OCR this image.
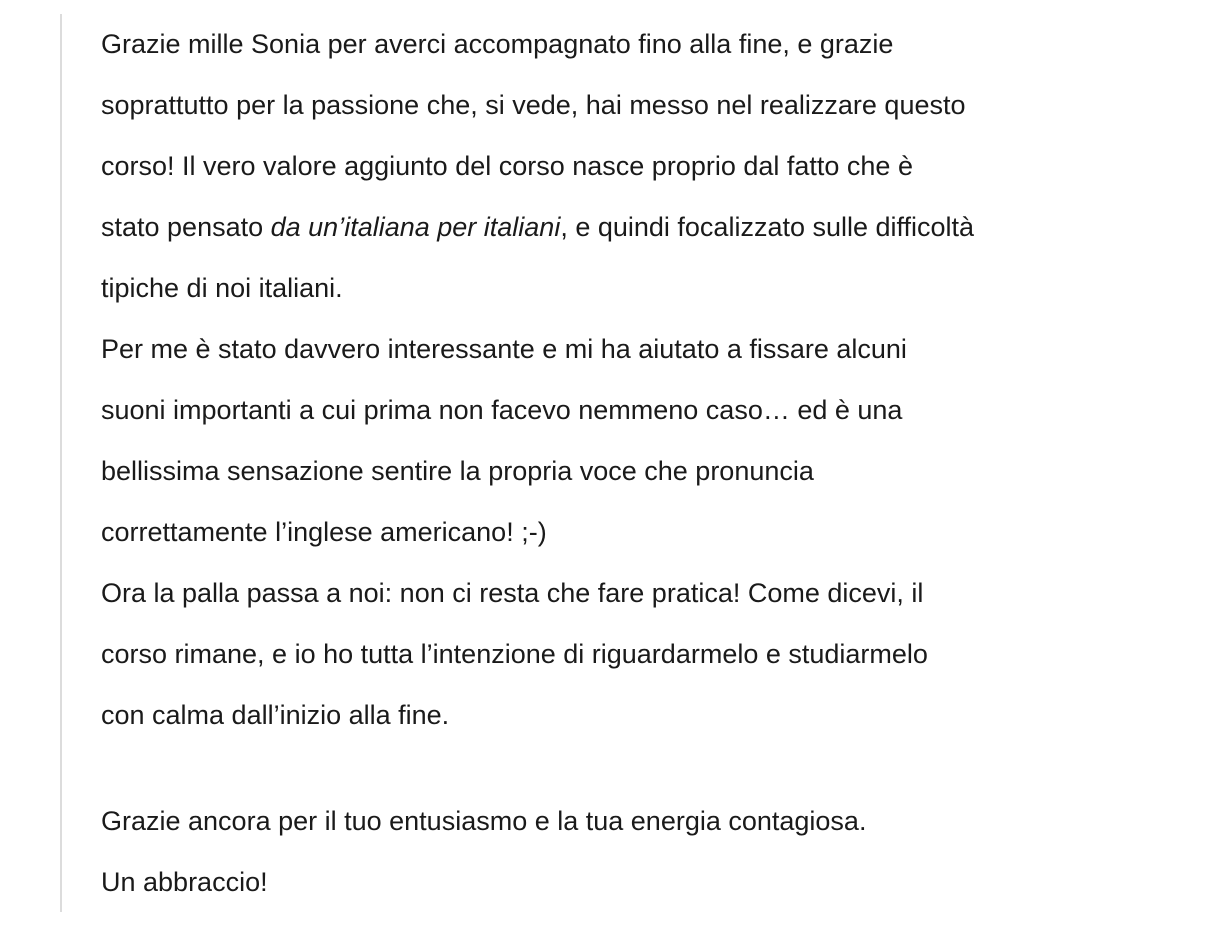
Grazie mille Sonia per averci accompagnato fino alla fine, e grazie

soprattutto per la passione che, si vede, hai messo nel realizzare questo

corso! Il vero valore aggiunto del corso nasce proprio dal fatto che è

stato pensato da un’italiana per italiani, e quindi focalizzato sulle difficoltà

tipiche di noi italiani.

Per me è stato davvero interessante e mi ha aiutato a fissare alcuni

suoni importanti a cui prima non facevo nemmeno caso… ed è una

bellissima sensazione sentire la propria voce che pronuncia

correttamente l’inglese americano! ;-)

Ora la palla passa a noi: non ci resta che fare pratica! Come dicevi, il

corso rimane, e io ho tutta l’intenzione di riguardarmelo e studiarmelo

con calma dall’inizio alla fine.

Grazie ancora per il tuo entusiasmo e la tua energia contagiosa.

Un abbraccio!
